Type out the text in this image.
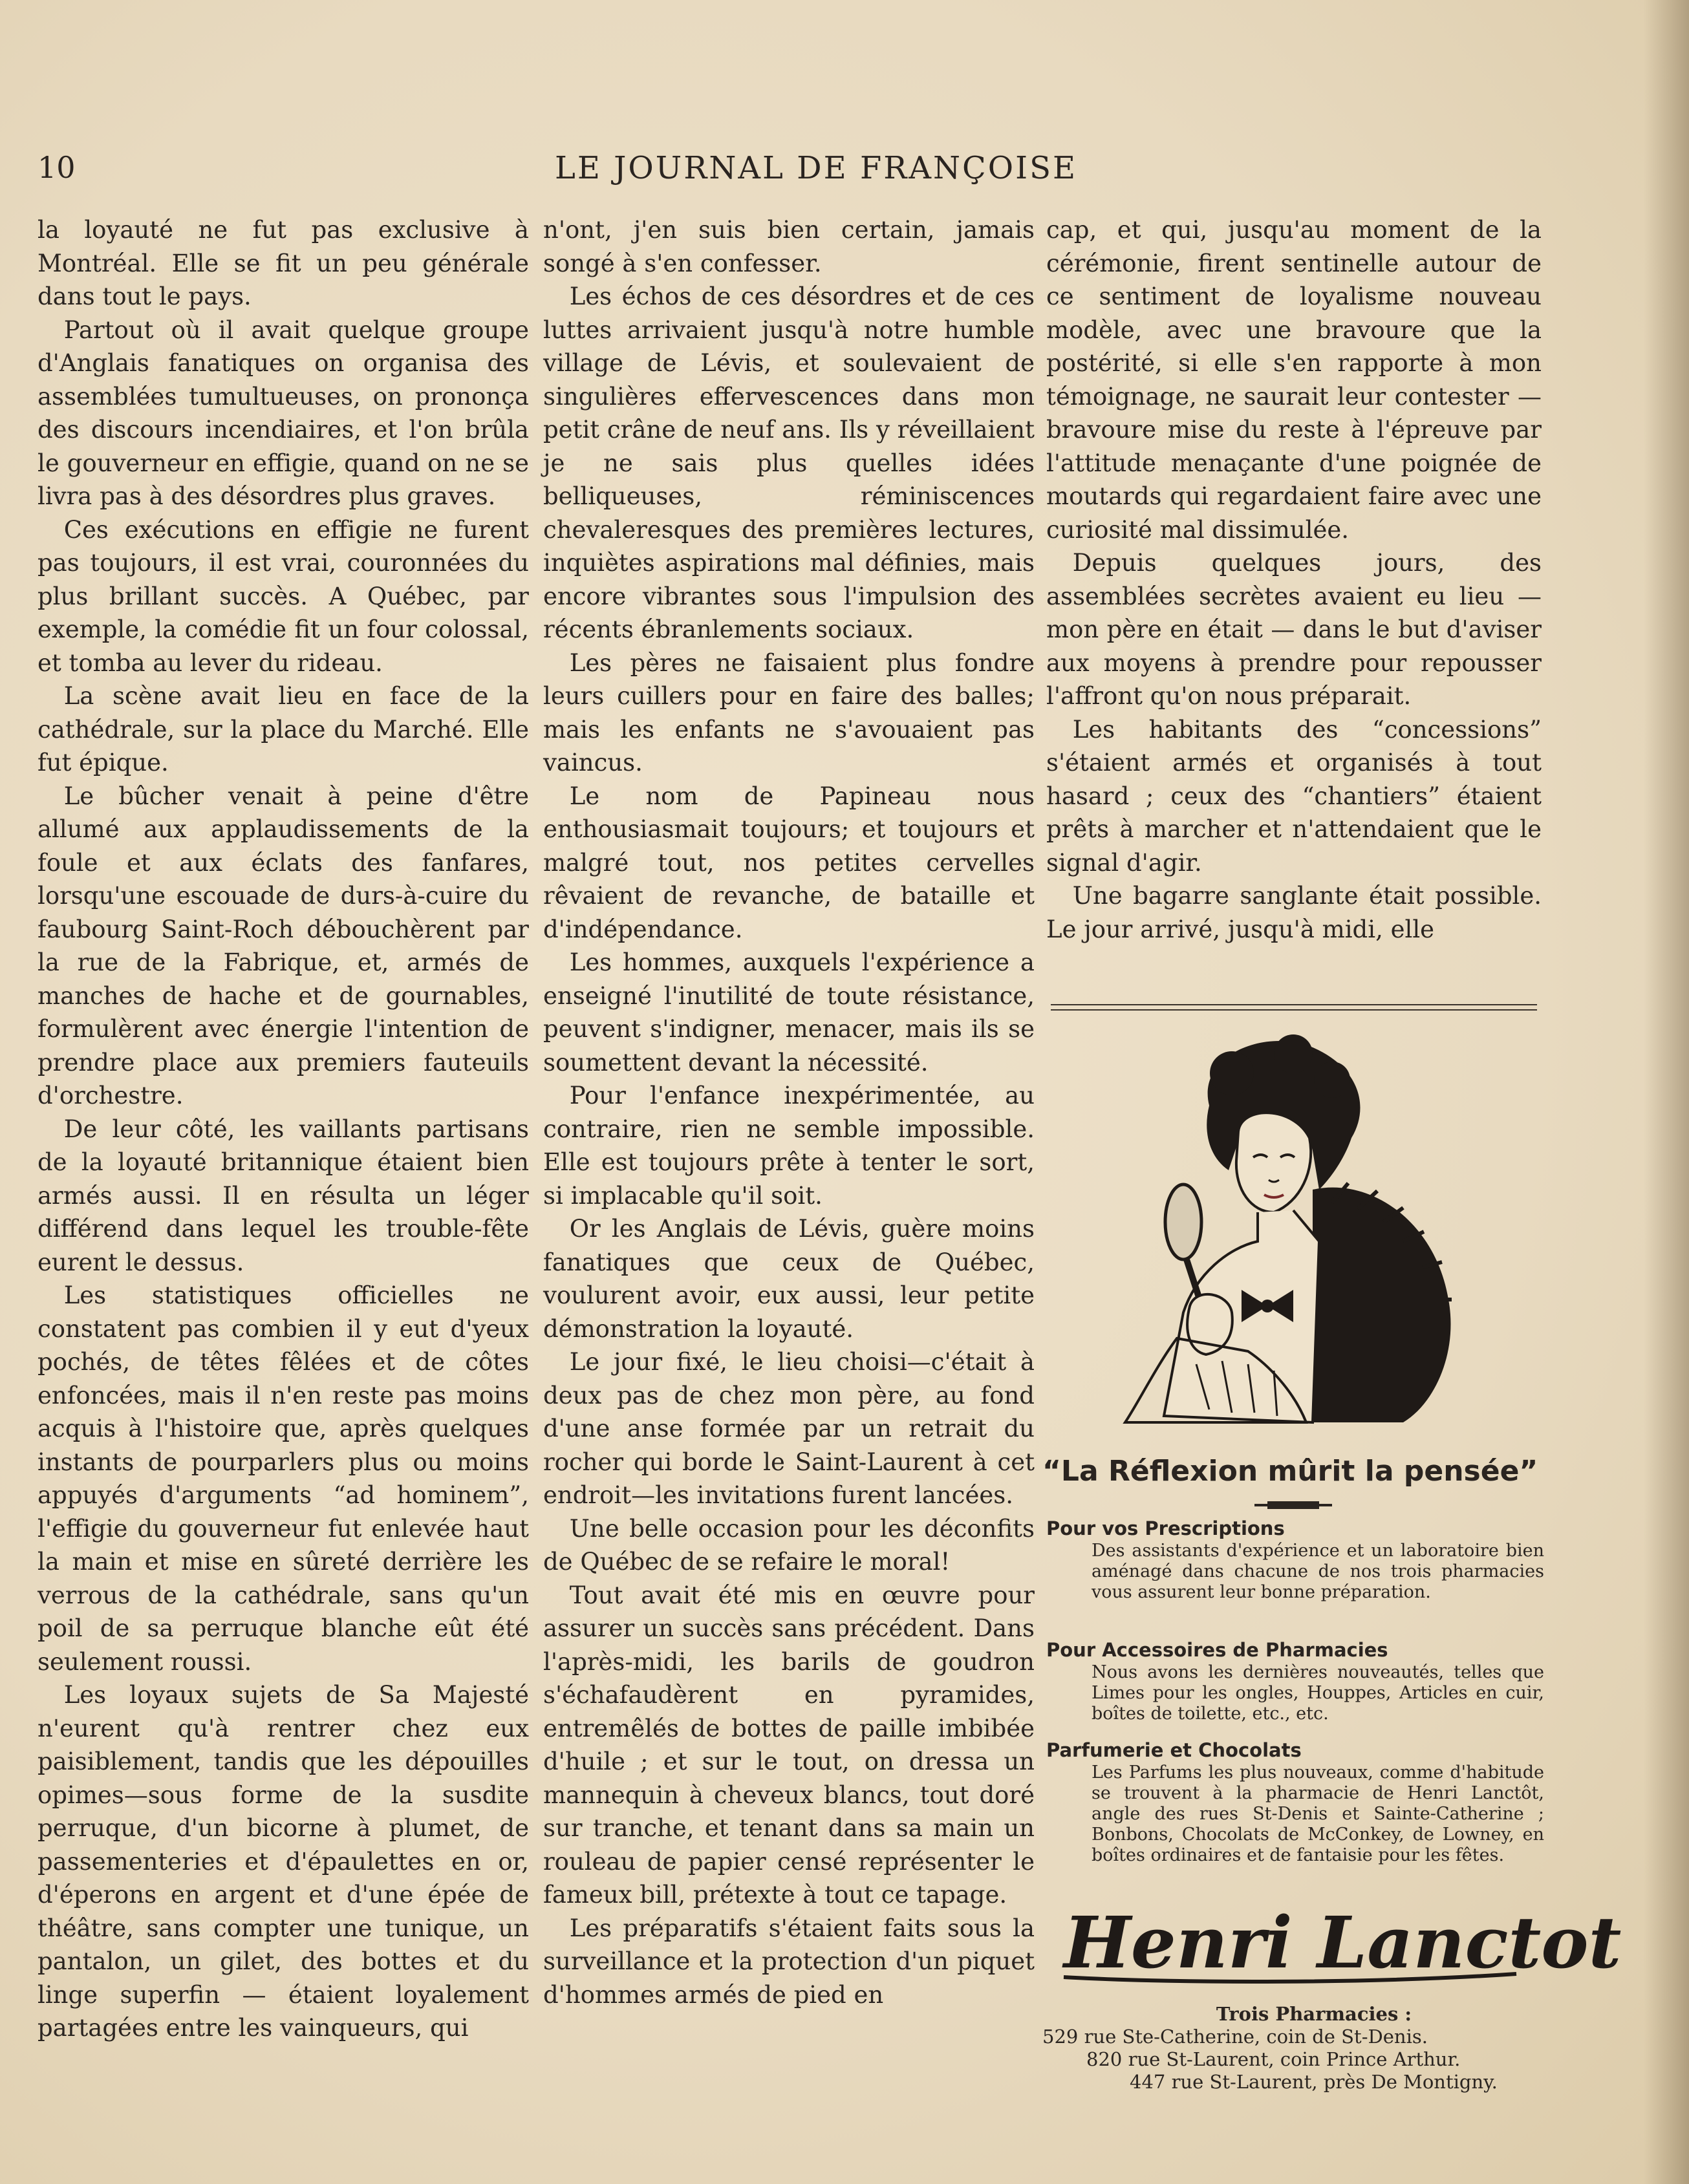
10	LE JOURNAL DE FRANÇOISE

la loyauté ne fut pas exclusive à Montréal. Elle se fit un peu générale dans tout le pays.

Partout où il avait quelque groupe d'Anglais fanatiques on organisa des assemblées tumultueuses, on prononça des discours incendiaires, et l'on brûla le gouverneur en effigie, quand on ne se livra pas à des désordres plus graves.

Ces exécutions en effigie ne furent pas toujours, il est vrai, couronnées du plus brillant succès. A Québec, par exemple, la comédie fit un four colossal, et tomba au lever du rideau.

La scène avait lieu en face de la cathédrale, sur la place du Marché. Elle fut épique.

Le bûcher venait à peine d'être allumé aux applaudissements de la foule et aux éclats des fanfares, lorsqu'une escouade de durs-à-cuire du faubourg Saint-Roch débouchèrent par la rue de la Fabrique, et, armés de manches de hache et de gournables, formulèrent avec énergie l'intention de prendre place aux premiers fauteuils d'orchestre.

De leur côté, les vaillants partisans de la loyauté britannique étaient bien armés aussi. Il en résulta un léger différend dans lequel les trouble-fête eurent le dessus.

Les statistiques officielles ne constatent pas combien il y eut d'yeux pochés, de têtes fêlées et de côtes enfoncées, mais il n'en reste pas moins acquis à l'histoire que, après quelques instants de pourparlers plus ou moins appuyés d'arguments “ad hominem”, l'effigie du gouverneur fut enlevée haut la main et mise en sûreté derrière les verrous de la cathédrale, sans qu'un poil de sa perruque blanche eût été seulement roussi.

Les loyaux sujets de Sa Majesté n'eurent qu'à rentrer chez eux paisiblement, tandis que les dépouilles opimes—sous forme de la susdite perruque, d'un bicorne à plumet, de passementeries et d'épaulettes en or, d'éperons en argent et d'une épée de théâtre, sans compter une tunique, un pantalon, un gilet, des bottes et du linge superfin — étaient loyalement partagées entre les vainqueurs, qui

n'ont, j'en suis bien certain, jamais songé à s'en confesser.

Les échos de ces désordres et de ces luttes arrivaient jusqu'à notre humble village de Lévis, et soulevaient de singulières effervescences dans mon petit crâne de neuf ans. Ils y réveillaient je ne sais plus quelles idées belliqueuses, réminiscences chevaleresques des premières lectures, inquiètes aspirations mal définies, mais encore vibrantes sous l'impulsion des récents ébranlements sociaux.

Les pères ne faisaient plus fondre leurs cuillers pour en faire des balles; mais les enfants ne s'avouaient pas vaincus.

Le nom de Papineau nous enthousiasmait toujours; et toujours et malgré tout, nos petites cervelles rêvaient de revanche, de bataille et d'indépendance.

Les hommes, auxquels l'expérience a enseigné l'inutilité de toute résistance, peuvent s'indigner, menacer, mais ils se soumettent devant la nécessité.

Pour l'enfance inexpérimentée, au contraire, rien ne semble impossible. Elle est toujours prête à tenter le sort, si implacable qu'il soit.

Or les Anglais de Lévis, guère moins fanatiques que ceux de Québec, voulurent avoir, eux aussi, leur petite démonstration la loyauté.

Le jour fixé, le lieu choisi—c'était à deux pas de chez mon père, au fond d'une anse formée par un retrait du rocher qui borde le Saint-Laurent à cet endroit—les invitations furent lancées.

Une belle occasion pour les déconfits de Québec de se refaire le moral!

Tout avait été mis en œuvre pour assurer un succès sans précédent. Dans l'après-midi, les barils de goudron s'échafaudèrent en pyramides, entremêlés de bottes de paille imbibée d'huile ; et sur le tout, on dressa un mannequin à cheveux blancs, tout doré sur tranche, et tenant dans sa main un rouleau de papier censé représenter le fameux bill, prétexte à tout ce tapage.

Les préparatifs s'étaient faits sous la surveillance et la protection d'un piquet d'hommes armés de pied en

cap, et qui, jusqu'au moment de la cérémonie, firent sentinelle autour de ce sentiment de loyalisme nouveau modèle, avec une bravoure que la postérité, si elle s'en rapporte à mon témoignage, ne saurait leur contester —bravoure mise du reste à l'épreuve par l'attitude menaçante d'une poignée de moutards qui regardaient faire avec une curiosité mal dissimulée.

Depuis quelques jours, des assemblées secrètes avaient eu lieu — mon père en était — dans le but d'aviser aux moyens à prendre pour repousser l'affront qu'on nous préparait.

Les habitants des “concessions” s'étaient armés et organisés à tout hasard ; ceux des “chantiers” étaient prêts à marcher et n'attendaient que le signal d'agir.

Une bagarre sanglante était possible. Le jour arrivé, jusqu'à midi, elle

“La Réflexion mûrit la pensée”
Pour vos Prescriptions

Des assistants d'expérience et un laboratoire bien aménagé dans chacune de nos trois pharmacies vous assurent leur bonne préparation.

Pour Accessoires de Pharmacies

Nous avons les dernières nouveautés, telles que Limes pour les ongles, Houppes, Articles en cuir, boîtes de toilette, etc., etc.

Parfumerie et Chocolats

Les Parfums les plus nouveaux, comme d'habitude se trouvent à la pharmacie de Henri Lanctôt, angle des rues St-Denis et Sainte-Catherine ; Bonbons, Chocolats de McConkey, de Lowney, en boîtes ordinaires et de fantaisie pour les fêtes.

Henri Lanctot
Trois Pharmacies :
529 rue Ste-Catherine, coin de St-Denis.
820 rue St-Laurent, coin Prince Arthur.
447 rue St-Laurent, près De Montigny.
